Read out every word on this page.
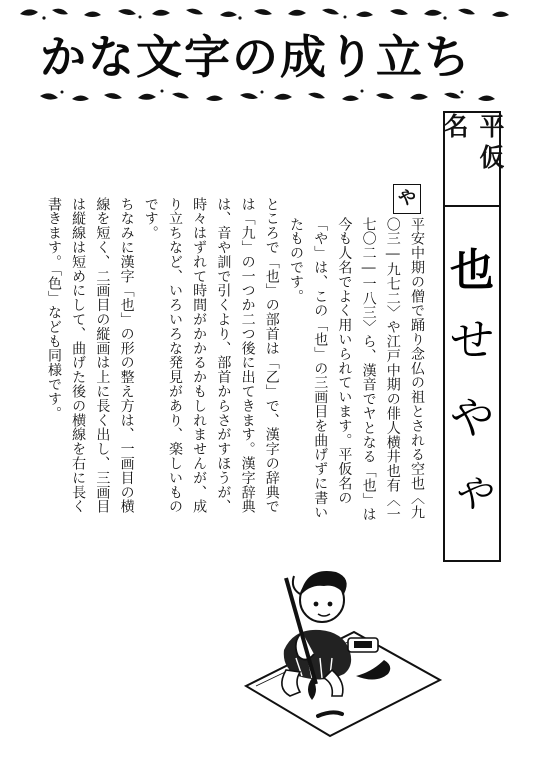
かな文字の成り立ち
平仮名
也
せ
や
や
や

平安中期の僧で踊り念仏の祖とされる空也〈九〇三―九七二〉や江戸中期の俳人横井也有〈一七〇二―一八三〉ら、漢音でヤとなる「也」は今も人名でよく用いられています。平仮名の「や」は、この「也」の三画目を曲げずに書いたものです。

ところで「也」の部首は「乙」で、漢字の辞典では「九」の一つか二つ後に出てきます。漢字辞典は、音や訓で引くより、部首からさがすほうが、時々はずれて時間がかかるかもしれませんが、成り立ちなど、いろいろな発見があり、楽しいものです。

ちなみに漢字「也」の形の整え方は、一画目の横線を短く、二画目の縦画は上に長く出し、三画目は縦線は短めにして、曲げた後の横線を右に長く書きます。「色」なども同様です。
